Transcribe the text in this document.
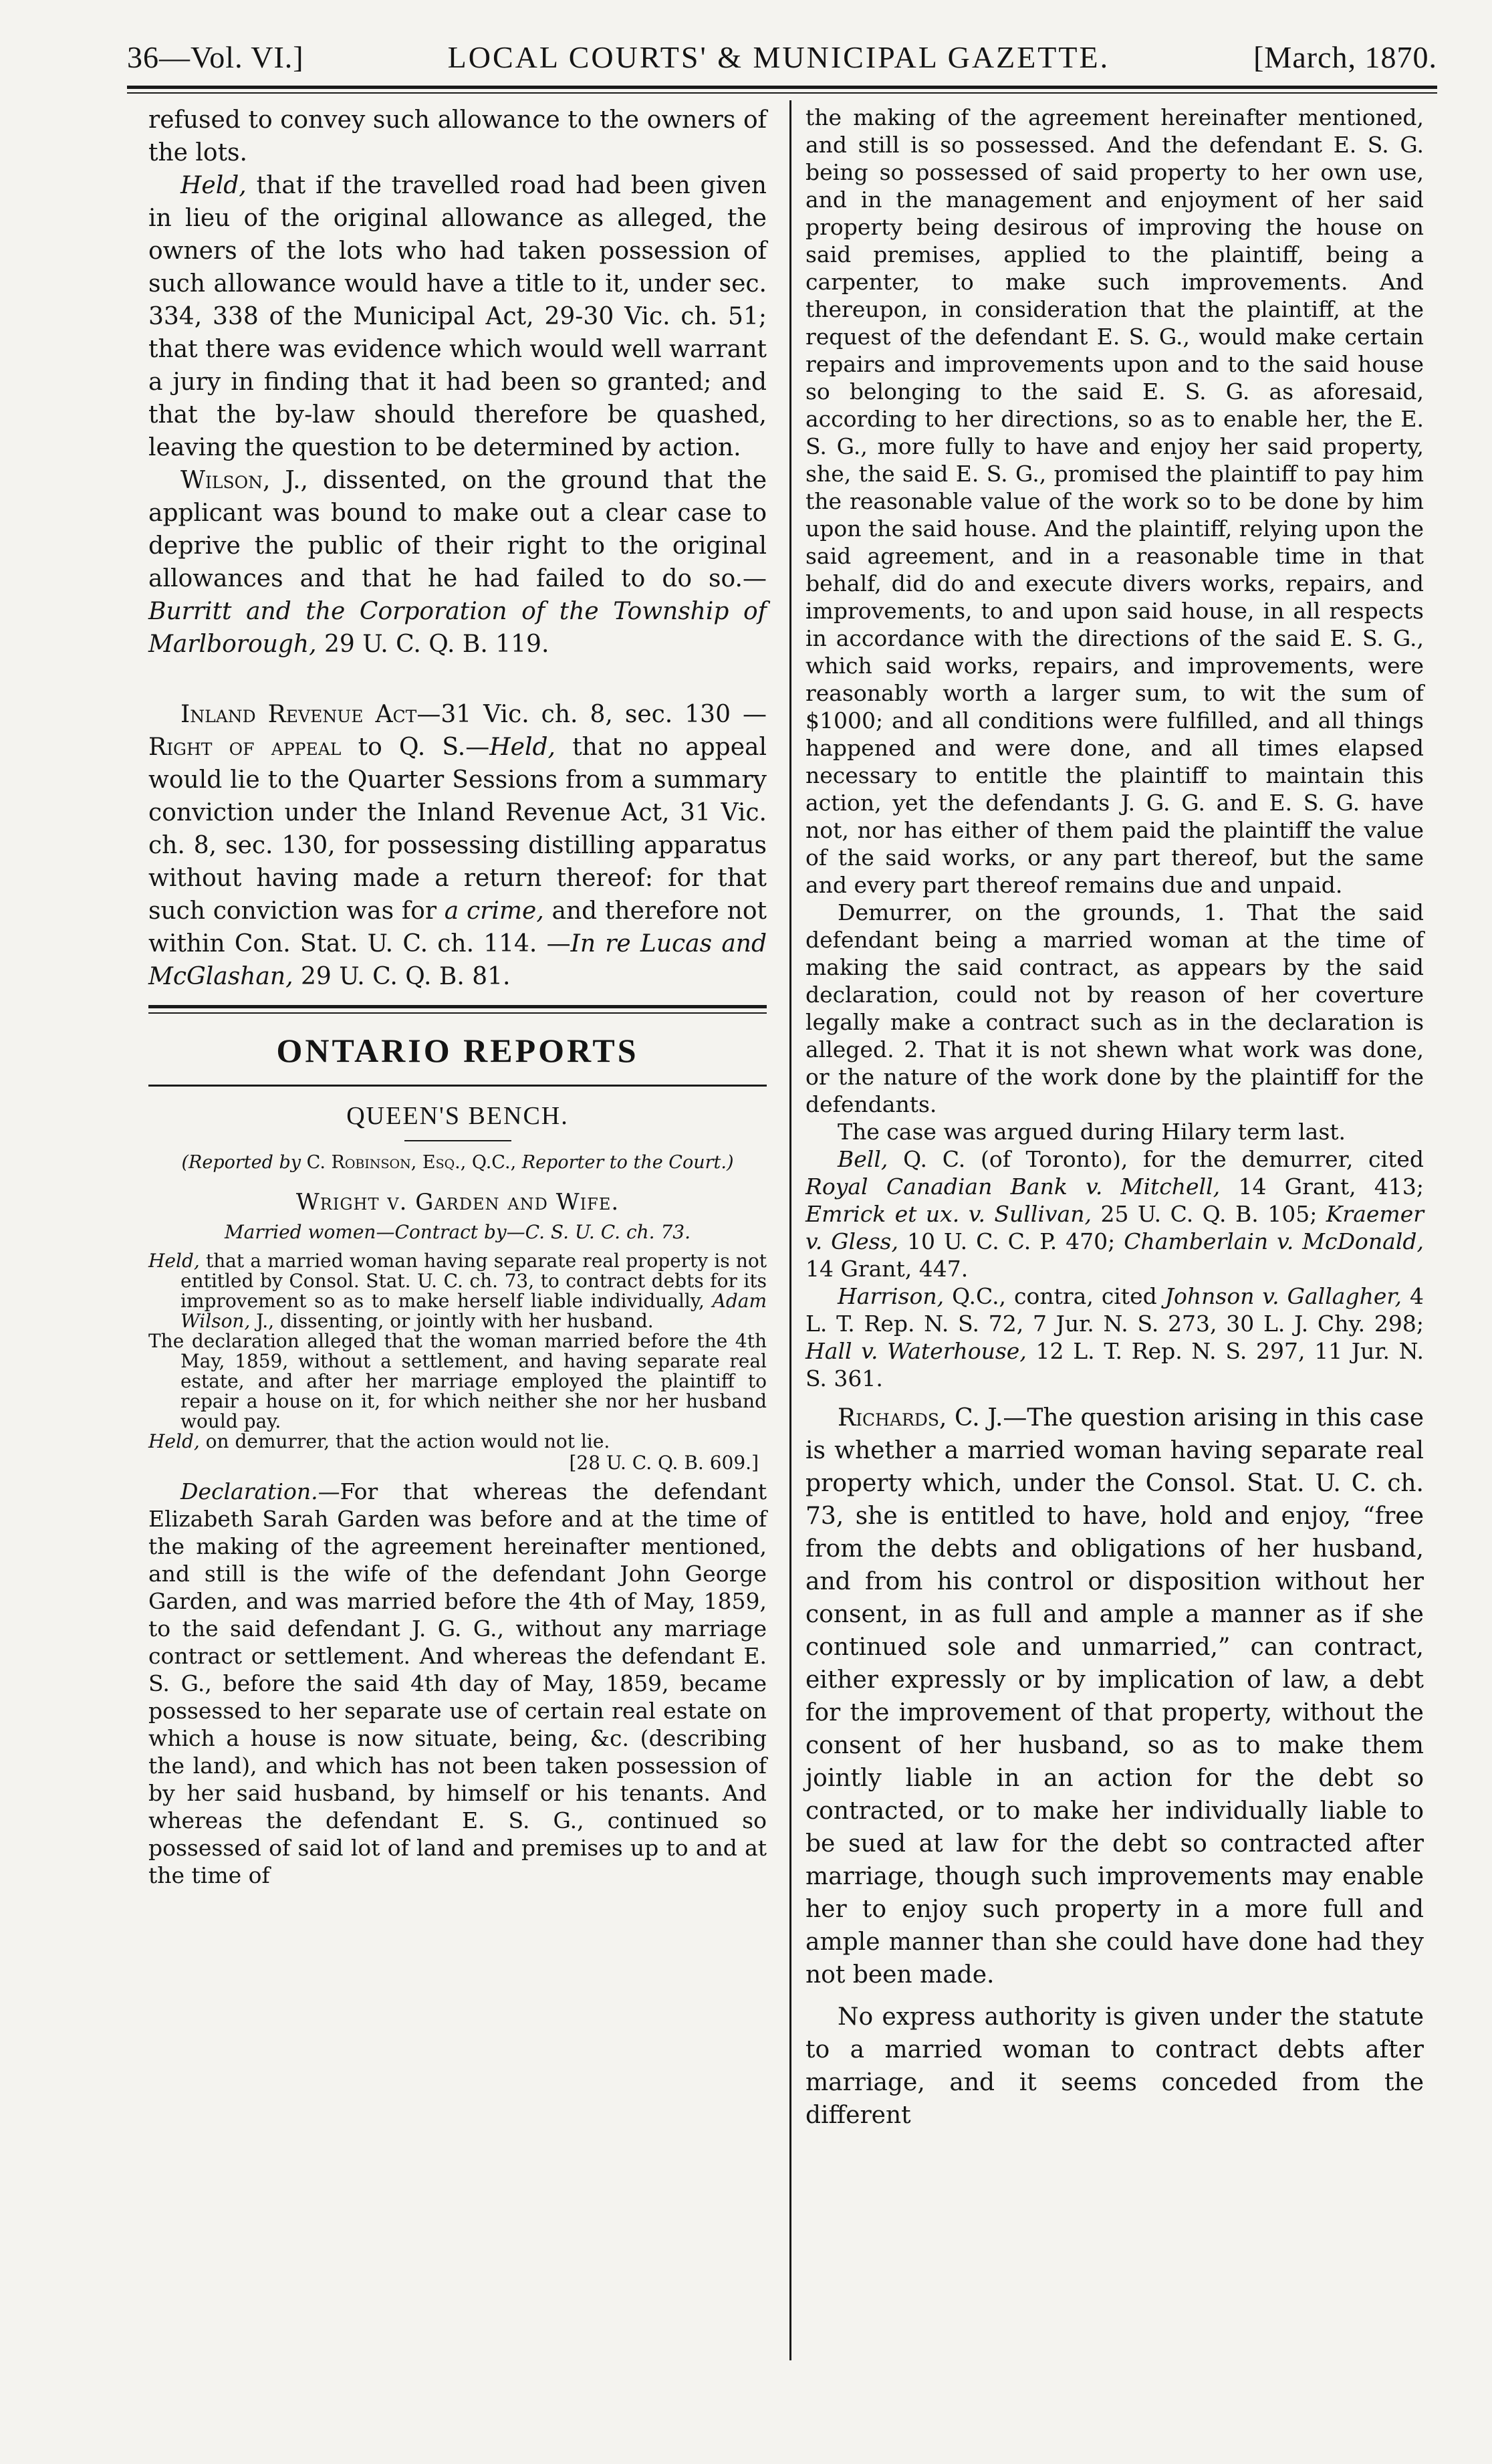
36—Vol. VI.]	LOCAL COURTS' & MUNICIPAL GAZETTE.	[March, 1870.

refused to convey such allowance to the owners of the lots.

Held, that if the travelled road had been given in lieu of the original allowance as alleged, the owners of the lots who had taken possession of such allowance would have a title to it, under sec. 334, 338 of the Municipal Act, 29-30 Vic. ch. 51; that there was evidence which would well warrant a jury in finding that it had been so granted; and that the by-law should therefore be quashed, leaving the question to be determined by action.

Wilson, J., dissented, on the ground that the applicant was bound to make out a clear case to deprive the public of their right to the original allowances and that he had failed to do so.—Burritt and the Corporation of the Township of Marlborough, 29 U. C. Q. B. 119.

Inland Revenue Act—31 Vic. ch. 8, sec. 130 —Right of appeal to Q. S.—Held, that no appeal would lie to the Quarter Sessions from a summary conviction under the Inland Revenue Act, 31 Vic. ch. 8, sec. 130, for possessing distilling apparatus without having made a return thereof: for that such conviction was for a crime, and therefore not within Con. Stat. U. C. ch. 114. —In re Lucas and McGlashan, 29 U. C. Q. B. 81.

ONTARIO REPORTS
QUEEN'S BENCH.
(Reported by C. Robinson, Esq., Q.C., Reporter to the Court.)
Wright v. Garden and Wife.
Married women—Contract by—C. S. U. C. ch. 73.

Held, that a married woman having separate real property is not entitled by Consol. Stat. U. C. ch. 73, to contract debts for its improvement so as to make herself liable individually, Adam Wilson, J., dissenting, or jointly with her husband.

The declaration alleged that the woman married before the 4th May, 1859, without a settlement, and having separate real estate, and after her marriage employed the plaintiff to repair a house on it, for which neither she nor her husband would pay.

Held, on demurrer, that the action would not lie.

[28 U. C. Q. B. 609.]

Declaration.—For that whereas the defendant Elizabeth Sarah Garden was before and at the time of the making of the agreement hereinafter mentioned, and still is the wife of the defendant John George Garden, and was married before the 4th of May, 1859, to the said defendant J. G. G., without any marriage contract or settlement. And whereas the defendant E. S. G., before the said 4th day of May, 1859, became possessed to her separate use of certain real estate on which a house is now situate, being, &c. (describing the land), and which has not been taken possession of by her said husband, by himself or his tenants. And whereas the defendant E. S. G., continued so possessed of said lot of land and premises up to and at the time of

the making of the agreement hereinafter mentioned, and still is so possessed. And the defendant E. S. G. being so possessed of said property to her own use, and in the management and enjoyment of her said property being desirous of improving the house on said premises, applied to the plaintiff, being a carpenter, to make such improvements. And thereupon, in consideration that the plaintiff, at the request of the defendant E. S. G., would make certain repairs and improvements upon and to the said house so belonging to the said E. S. G. as aforesaid, according to her directions, so as to enable her, the E. S. G., more fully to have and enjoy her said property, she, the said E. S. G., promised the plaintiff to pay him the reasonable value of the work so to be done by him upon the said house. And the plaintiff, relying upon the said agreement, and in a reasonable time in that behalf, did do and execute divers works, repairs, and improvements, to and upon said house, in all respects in accordance with the directions of the said E. S. G., which said works, repairs, and improvements, were reasonably worth a larger sum, to wit the sum of $1000; and all conditions were fulfilled, and all things happened and were done, and all times elapsed necessary to entitle the plaintiff to maintain this action, yet the defendants J. G. G. and E. S. G. have not, nor has either of them paid the plaintiff the value of the said works, or any part thereof, but the same and every part thereof remains due and unpaid.

Demurrer, on the grounds, 1. That the said defendant being a married woman at the time of making the said contract, as appears by the said declaration, could not by reason of her coverture legally make a contract such as in the declaration is alleged. 2. That it is not shewn what work was done, or the nature of the work done by the plaintiff for the defendants.

The case was argued during Hilary term last.

Bell, Q. C. (of Toronto), for the demurrer, cited Royal Canadian Bank v. Mitchell, 14 Grant, 413; Emrick et ux. v. Sullivan, 25 U. C. Q. B. 105; Kraemer v. Gless, 10 U. C. C. P. 470; Chamberlain v. McDonald, 14 Grant, 447.

Harrison, Q.C., contra, cited Johnson v. Gallagher, 4 L. T. Rep. N. S. 72, 7 Jur. N. S. 273, 30 L. J. Chy. 298; Hall v. Waterhouse, 12 L. T. Rep. N. S. 297, 11 Jur. N. S. 361.

Richards, C. J.—The question arising in this case is whether a married woman having separate real property which, under the Consol. Stat. U. C. ch. 73, she is entitled to have, hold and enjoy, “free from the debts and obligations of her husband, and from his control or disposition without her consent, in as full and ample a manner as if she continued sole and unmarried,” can contract, either expressly or by implication of law, a debt for the improvement of that property, without the consent of her husband, so as to make them jointly liable in an action for the debt so contracted, or to make her individually liable to be sued at law for the debt so contracted after marriage, though such improvements may enable her to enjoy such property in a more full and ample manner than she could have done had they not been made.

No express authority is given under the statute to a married woman to contract debts after marriage, and it seems conceded from the different
